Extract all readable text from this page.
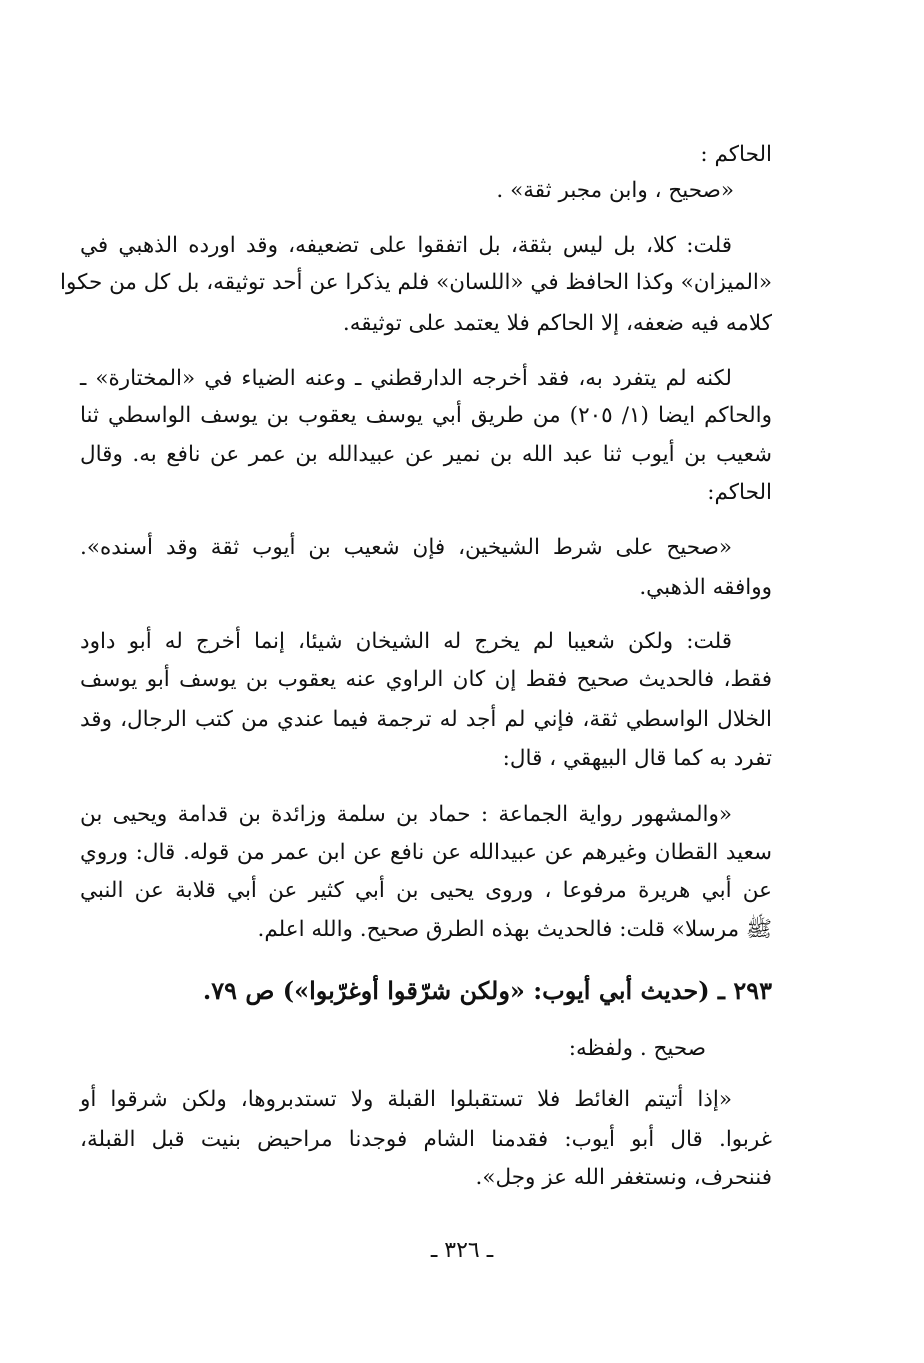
الحاكم :
«صحيح ، وابن مجبر ثقة» .
قلت: كلا، بل ليس بثقة، بل اتفقوا على تضعيفه، وقد اورده الذهبي في
«الميزان» وكذا الحافظ في «اللسان» فلم يذكرا عن أحد توثيقه، بل كل من حكوا
كلامه فيه ضعفه، إلا الحاكم فلا يعتمد على توثيقه.
لكنه لم يتفرد به، فقد أخرجه الدارقطني ـ وعنه الضياء في «المختارة» ـ
والحاكم ايضا (١/ ٢٠٥) من طريق أبي يوسف يعقوب بن يوسف الواسطي ثنا
شعيب بن أيوب ثنا عبد الله بن نمير عن عبيدالله بن عمر عن نافع به. وقال
الحاكم:
«صحيح على شرط الشيخين، فإن شعيب بن أيوب ثقة وقد أسنده».
ووافقه الذهبي.
قلت: ولكن شعيبا لم يخرج له الشيخان شيئا، إنما أخرج له أبو داود
فقط، فالحديث صحيح فقط إن كان الراوي عنه يعقوب بن يوسف أبو يوسف
الخلال الواسطي ثقة، فإني لم أجد له ترجمة فيما عندي من كتب الرجال، وقد
تفرد به كما قال البيهقي ، قال:
«والمشهور رواية الجماعة : حماد بن سلمة وزائدة بن قدامة ويحيى بن
سعيد القطان وغيرهم عن عبيدالله عن نافع عن ابن عمر من قوله. قال: وروي
عن أبي هريرة مرفوعا ، وروى يحيى بن أبي كثير عن أبي قلابة عن النبي
ﷺ مرسلا» قلت: فالحديث بهذه الطرق صحيح. والله اعلم.
٢٩٣ ـ (حديث أبي أيوب: «ولكن شرّقوا أوغرّبوا») ص ٧٩.
صحيح . ولفظه:
«إذا أتيتم الغائط فلا تستقبلوا القبلة ولا تستدبروها، ولكن شرقوا أو
غربوا. قال أبو أيوب: فقدمنا الشام فوجدنا مراحيض بنيت قبل القبلة،
فننحرف، ونستغفر الله عز وجل».
ـ ٣٢٦ ـ
